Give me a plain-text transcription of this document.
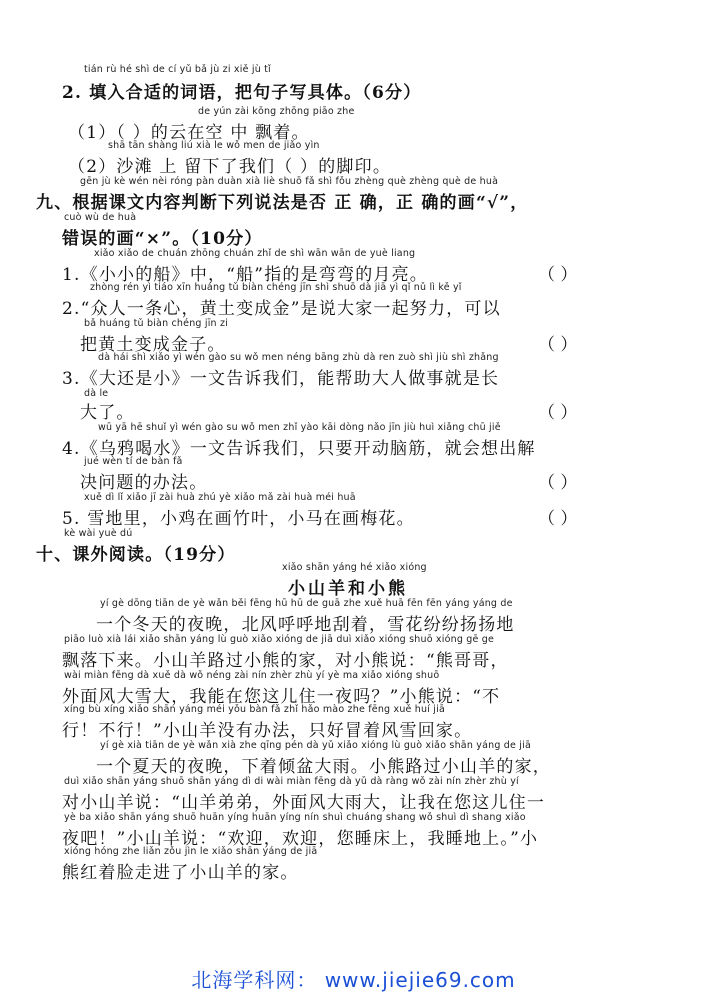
tián rù hé shì de cí yǔ bǎ jù zi xiě jù tǐ
2. 填入合适的词语，把句子写具体。（6分）
de yún zài kōng zhōng piāo zhe
（1）（ ）的云在空 中 飘着。
shā tān shàng liú xià le wǒ men de jiǎo yìn
（2）沙滩 上 留下了我们（ ）的脚印。
gēn jù kè wén nèi róng pàn duàn xià liè shuō fǎ shì fǒu zhèng què zhèng què de huà
九、根据课文内容判断下列说法是否 正 确，正 确的画“√”，
cuò wù de huà
错误的画“×”。（10分）
xiǎo xiǎo de chuán zhōng chuán zhǐ de shì wān wān de yuè liang
1.《小小的船》中，“船”指的是弯弯的月亮。	（ ）
zhòng rén yì tiáo xīn huáng tǔ biàn chéng jīn shì shuō dà jiā yì qǐ nǔ lì kě yǐ
2.“众人一条心，黄土变成金”是说大家一起努力，可以
bǎ huáng tǔ biàn chéng jīn zi
把黄土变成金子。	（ ）
dà hái shì xiǎo yì wén gào su wǒ men néng bāng zhù dà ren zuò shì jiù shì zhǎng
3.《大还是小》一文告诉我们，能帮助大人做事就是长
dà le
大了。	（ ）
wū yā hē shuǐ yì wén gào su wǒ men zhǐ yào kāi dòng nǎo jīn jiù huì xiǎng chū jiě
4.《乌鸦喝水》一文告诉我们，只要开动脑筋，就会想出解
jué wèn tí de bàn fǎ
决问题的办法。	（ ）
xuě dì lǐ xiǎo jī zài huà zhú yè xiǎo mǎ zài huà méi huā
5. 雪地里，小鸡在画竹叶，小马在画梅花。	（ ）
kè wài yuè dú
十、课外阅读。（19分）
xiǎo shān yáng hé xiǎo xióng
小山羊和小熊
yí gè dōng tiān de yè wǎn běi fēng hū hū de guā zhe xuě huā fēn fēn yáng yáng de
一个冬天的夜晚，北风呼呼地刮着，雪花纷纷扬扬地
piāo luò xià lái xiǎo shān yáng lù guò xiǎo xióng de jiā duì xiǎo xióng shuō xióng gē ge
飘落下来。小山羊路过小熊的家，对小熊说：“熊哥哥，
wài miàn fēng dà xuě dà wǒ néng zài nín zhèr zhù yí yè ma xiǎo xióng shuō
外面风大雪大，我能在您这儿住一夜吗？”小熊说：“不
xíng bù xíng xiǎo shān yáng méi yǒu bàn fǎ zhǐ hǎo mào zhe fēng xuě huí jiā
行！不行！”小山羊没有办法，只好冒着风雪回家。
yí gè xià tiān de yè wǎn xià zhe qīng pén dà yǔ xiǎo xióng lù guò xiǎo shān yáng de jiā
一个夏天的夜晚，下着倾盆大雨。小熊路过小山羊的家，
duì xiǎo shān yáng shuō shān yáng dì di wài miàn fēng dà yǔ dà ràng wǒ zài nín zhèr zhù yí
对小山羊说：“山羊弟弟，外面风大雨大，让我在您这儿住一
yè ba xiǎo shān yáng shuō huān yíng huān yíng nín shuì chuáng shang wǒ shuì dì shang xiǎo
夜吧！”小山羊说：“欢迎，欢迎，您睡床上，我睡地上。”小
xióng hóng zhe liǎn zǒu jìn le xiǎo shān yáng de jiā
熊红着脸走进了小山羊的家。
北海学科网： www.jiejie69.com
